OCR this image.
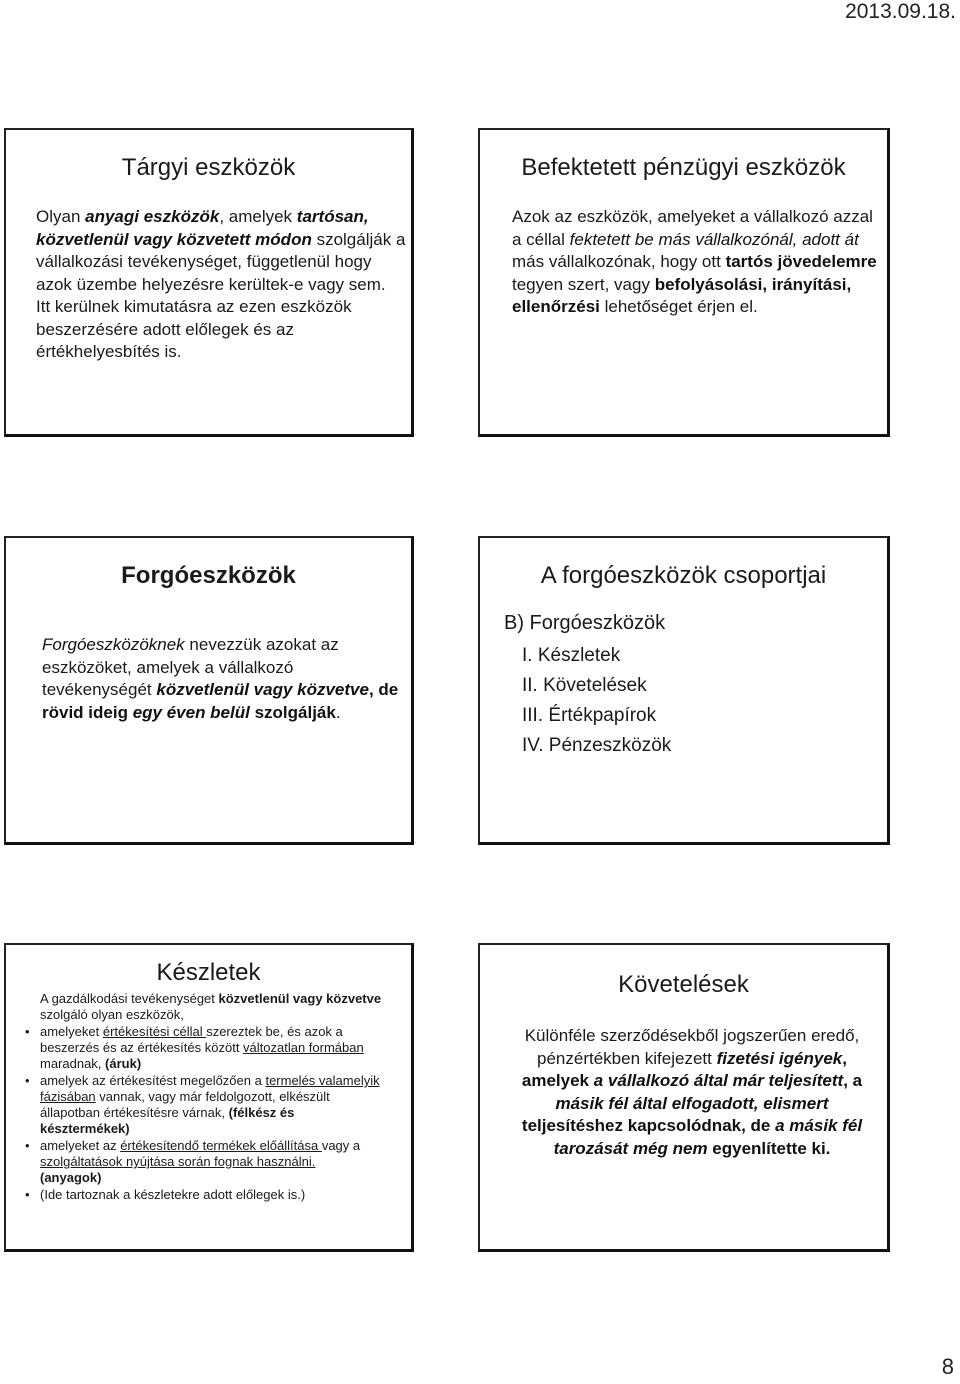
2013.09.18.
Tárgyi eszközök
Olyan anyagi eszközök, amelyek tartósan, közvetlenül vagy közvetett módon szolgálják a vállalkozási tevékenységet, függetlenül hogy azok üzembe helyezésre kerültek-e vagy sem.
Itt kerülnek kimutatásra az ezen eszközök beszerzésére adott előlegek és az értékhelyesbítés is.
Befektetett pénzügyi eszközök
Azok az eszközök, amelyeket a vállalkozó azzal a céllal fektetett be más vállalkozónál, adott át más vállalkozónak, hogy ott tartós jövedelemre tegyen szert, vagy befolyásolási, irányítási, ellenőrzési lehetőséget érjen el.
Forgóeszközök
Forgóeszközöknek nevezzük azokat az eszközöket, amelyek a vállalkozó tevékenységét közvetlenül vagy közvetve, de rövid ideig egy éven belül szolgálják.
A forgóeszközök csoportjai
B) Forgóeszközök
I. Készletek
II. Követelések
III. Értékpapírok
IV. Pénzeszközök
Készletek
A gazdálkodási tevékenységet közvetlenül vagy közvetve szolgáló olyan eszközök,
• amelyeket értékesítési céllal szereztek be, és azok a beszerzés és az értékesítés között változatlan formában maradnak, (áruk)
• amelyek az értékesítést megelőzően a termelés valamelyik fázisában vannak, vagy már feldolgozott, elkészült állapotban értékesítésre várnak, (félkész és késztermékek)
• amelyeket az értékesítendő termékek előállítása vagy a szolgáltatások nyújtása során fognak használni.
(anyagok)
• (Ide tartoznak a készletekre adott előlegek is.)
Követelések
Különféle szerződésekből jogszerűen eredő, pénzértékben kifejezett fizetési igények, amelyek a vállalkozó által már teljesített, a másik fél által elfogadott, elismert teljesítéshez kapcsolódnak, de a másik fél tarozását még nem egyenlítette ki.
8
